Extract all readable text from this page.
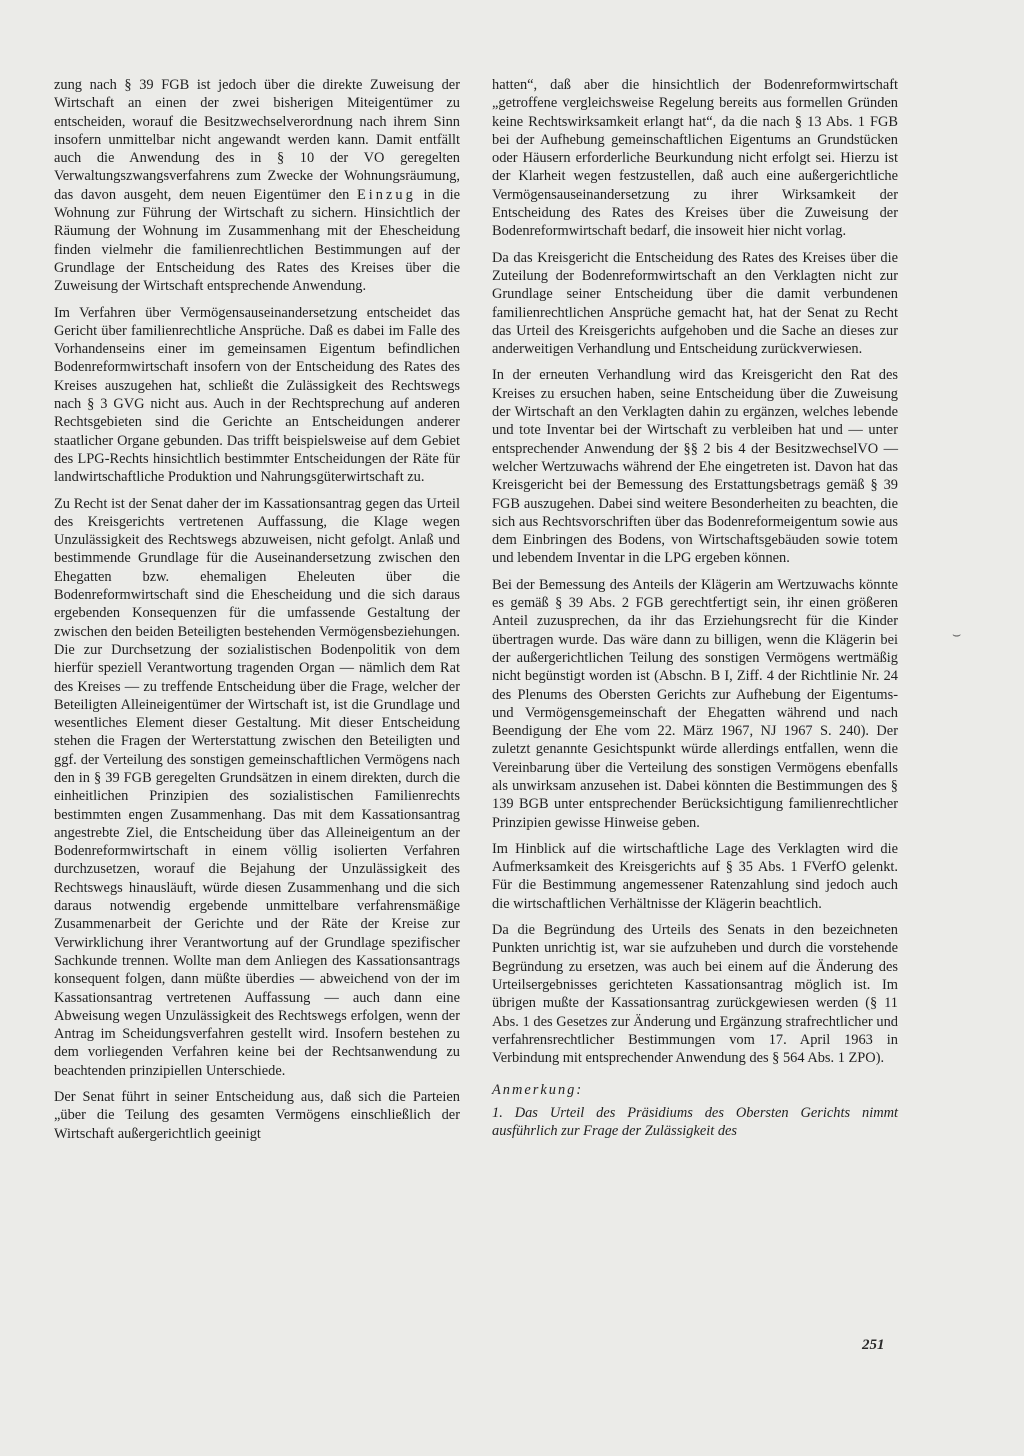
zung nach § 39 FGB ist jedoch über die direkte Zuweisung der Wirtschaft an einen der zwei bisherigen Miteigentümer zu entscheiden, worauf die Besitzwechselverordnung nach ihrem Sinn insofern unmittelbar nicht angewandt werden kann. Damit entfällt auch die Anwendung des in § 10 der VO geregelten Verwaltungszwangsverfahrens zum Zwecke der Wohnungsräumung, das davon ausgeht, dem neuen Eigentümer den Einzug in die Wohnung zur Führung der Wirtschaft zu sichern. Hinsichtlich der Räumung der Wohnung im Zusammenhang mit der Ehescheidung finden vielmehr die familienrechtlichen Bestimmungen auf der Grundlage der Entscheidung des Rates des Kreises über die Zuweisung der Wirtschaft entsprechende Anwendung.

Im Verfahren über Vermögensauseinandersetzung entscheidet das Gericht über familienrechtliche Ansprüche. Daß es dabei im Falle des Vorhandenseins einer im gemeinsamen Eigentum befindlichen Bodenreformwirtschaft insofern von der Entscheidung des Rates des Kreises auszugehen hat, schließt die Zulässigkeit des Rechtswegs nach § 3 GVG nicht aus. Auch in der Rechtsprechung auf anderen Rechtsgebieten sind die Gerichte an Entscheidungen anderer staatlicher Organe gebunden. Das trifft beispielsweise auf dem Gebiet des LPG-Rechts hinsichtlich bestimmter Entscheidungen der Räte für landwirtschaftliche Produktion und Nahrungsgüterwirtschaft zu.

Zu Recht ist der Senat daher der im Kassationsantrag gegen das Urteil des Kreisgerichts vertretenen Auffassung, die Klage wegen Unzulässigkeit des Rechtswegs abzuweisen, nicht gefolgt. Anlaß und bestimmende Grundlage für die Auseinandersetzung zwischen den Ehegatten bzw. ehemaligen Eheleuten über die Bodenreformwirtschaft sind die Ehescheidung und die sich daraus ergebenden Konsequenzen für die umfassende Gestaltung der zwischen den beiden Beteiligten bestehenden Vermögensbeziehungen. Die zur Durchsetzung der sozialistischen Bodenpolitik von dem hierfür speziell Verantwortung tragenden Organ — nämlich dem Rat des Kreises — zu treffende Entscheidung über die Frage, welcher der Beteiligten Alleineigentümer der Wirtschaft ist, ist die Grundlage und wesentliches Element dieser Gestaltung. Mit dieser Entscheidung stehen die Fragen der Werterstattung zwischen den Beteiligten und ggf. der Verteilung des sonstigen gemeinschaftlichen Vermögens nach den in § 39 FGB geregelten Grundsätzen in einem direkten, durch die einheitlichen Prinzipien des sozialistischen Familienrechts bestimmten engen Zusammenhang. Das mit dem Kassationsantrag angestrebte Ziel, die Entscheidung über das Alleineigentum an der Bodenreformwirtschaft in einem völlig isolierten Verfahren durchzusetzen, worauf die Bejahung der Unzulässigkeit des Rechtswegs hinausläuft, würde diesen Zusammenhang und die sich daraus notwendig ergebende unmittelbare verfahrensmäßige Zusammenarbeit der Gerichte und der Räte der Kreise zur Verwirklichung ihrer Verantwortung auf der Grundlage spezifischer Sachkunde trennen. Wollte man dem Anliegen des Kassationsantrags konsequent folgen, dann müßte überdies — abweichend von der im Kassationsantrag vertretenen Auffassung — auch dann eine Abweisung wegen Unzulässigkeit des Rechtswegs erfolgen, wenn der Antrag im Scheidungsverfahren gestellt wird. Insofern bestehen zu dem vorliegenden Verfahren keine bei der Rechtsanwendung zu beachtenden prinzipiellen Unterschiede.

Der Senat führt in seiner Entscheidung aus, daß sich die Parteien „über die Teilung des gesamten Vermögens einschließlich der Wirtschaft außergerichtlich geeinigt

hatten“, daß aber die hinsichtlich der Bodenreformwirtschaft „getroffene vergleichsweise Regelung bereits aus formellen Gründen keine Rechtswirksamkeit erlangt hat“, da die nach § 13 Abs. 1 FGB bei der Aufhebung gemeinschaftlichen Eigentums an Grundstücken oder Häusern erforderliche Beurkundung nicht erfolgt sei. Hierzu ist der Klarheit wegen festzustellen, daß auch eine außergerichtliche Vermögensauseinandersetzung zu ihrer Wirksamkeit der Entscheidung des Rates des Kreises über die Zuweisung der Bodenreformwirtschaft bedarf, die insoweit hier nicht vorlag.

Da das Kreisgericht die Entscheidung des Rates des Kreises über die Zuteilung der Bodenreformwirtschaft an den Verklagten nicht zur Grundlage seiner Entscheidung über die damit verbundenen familienrechtlichen Ansprüche gemacht hat, hat der Senat zu Recht das Urteil des Kreisgerichts aufgehoben und die Sache an dieses zur anderweitigen Verhandlung und Entscheidung zurückverwiesen.

In der erneuten Verhandlung wird das Kreisgericht den Rat des Kreises zu ersuchen haben, seine Entscheidung über die Zuweisung der Wirtschaft an den Verklagten dahin zu ergänzen, welches lebende und tote Inventar bei der Wirtschaft zu verbleiben hat und — unter entsprechender Anwendung der §§ 2 bis 4 der BesitzwechselVO — welcher Wertzuwachs während der Ehe eingetreten ist. Davon hat das Kreisgericht bei der Bemessung des Erstattungsbetrags gemäß § 39 FGB auszugehen. Dabei sind weitere Besonderheiten zu beachten, die sich aus Rechtsvorschriften über das Bodenreformeigentum sowie aus dem Einbringen des Bodens, von Wirtschaftsgebäuden sowie totem und lebendem Inventar in die LPG ergeben können.

Bei der Bemessung des Anteils der Klägerin am Wertzuwachs könnte es gemäß § 39 Abs. 2 FGB gerechtfertigt sein, ihr einen größeren Anteil zuzusprechen, da ihr das Erziehungsrecht für die Kinder übertragen wurde. Das wäre dann zu billigen, wenn die Klägerin bei der außergerichtlichen Teilung des sonstigen Vermögens wertmäßig nicht begünstigt worden ist (Abschn. B I, Ziff. 4 der Richtlinie Nr. 24 des Plenums des Obersten Gerichts zur Aufhebung der Eigentums- und Vermögensgemeinschaft der Ehegatten während und nach Beendigung der Ehe vom 22. März 1967, NJ 1967 S. 240). Der zuletzt genannte Gesichtspunkt würde allerdings entfallen, wenn die Vereinbarung über die Verteilung des sonstigen Vermögens ebenfalls als unwirksam anzusehen ist. Dabei könnten die Bestimmungen des § 139 BGB unter entsprechender Berücksichtigung familienrechtlicher Prinzipien gewisse Hinweise geben.

Im Hinblick auf die wirtschaftliche Lage des Verklagten wird die Aufmerksamkeit des Kreisgerichts auf § 35 Abs. 1 FVerfO gelenkt. Für die Bestimmung angemessener Ratenzahlung sind jedoch auch die wirtschaftlichen Verhältnisse der Klägerin beachtlich.

Da die Begründung des Urteils des Senats in den bezeichneten Punkten unrichtig ist, war sie aufzuheben und durch die vorstehende Begründung zu ersetzen, was auch bei einem auf die Änderung des Urteilsergebnisses gerichteten Kassationsantrag möglich ist. Im übrigen mußte der Kassationsantrag zurückgewiesen werden (§ 11 Abs. 1 des Gesetzes zur Änderung und Ergänzung strafrechtlicher und verfahrensrechtlicher Bestimmungen vom 17. April 1963 in Verbindung mit entsprechender Anwendung des § 564 Abs. 1 ZPO).

Anmerkung:

1. Das Urteil des Präsidiums des Obersten Gerichts nimmt ausführlich zur Frage der Zulässigkeit des

⌣
251
